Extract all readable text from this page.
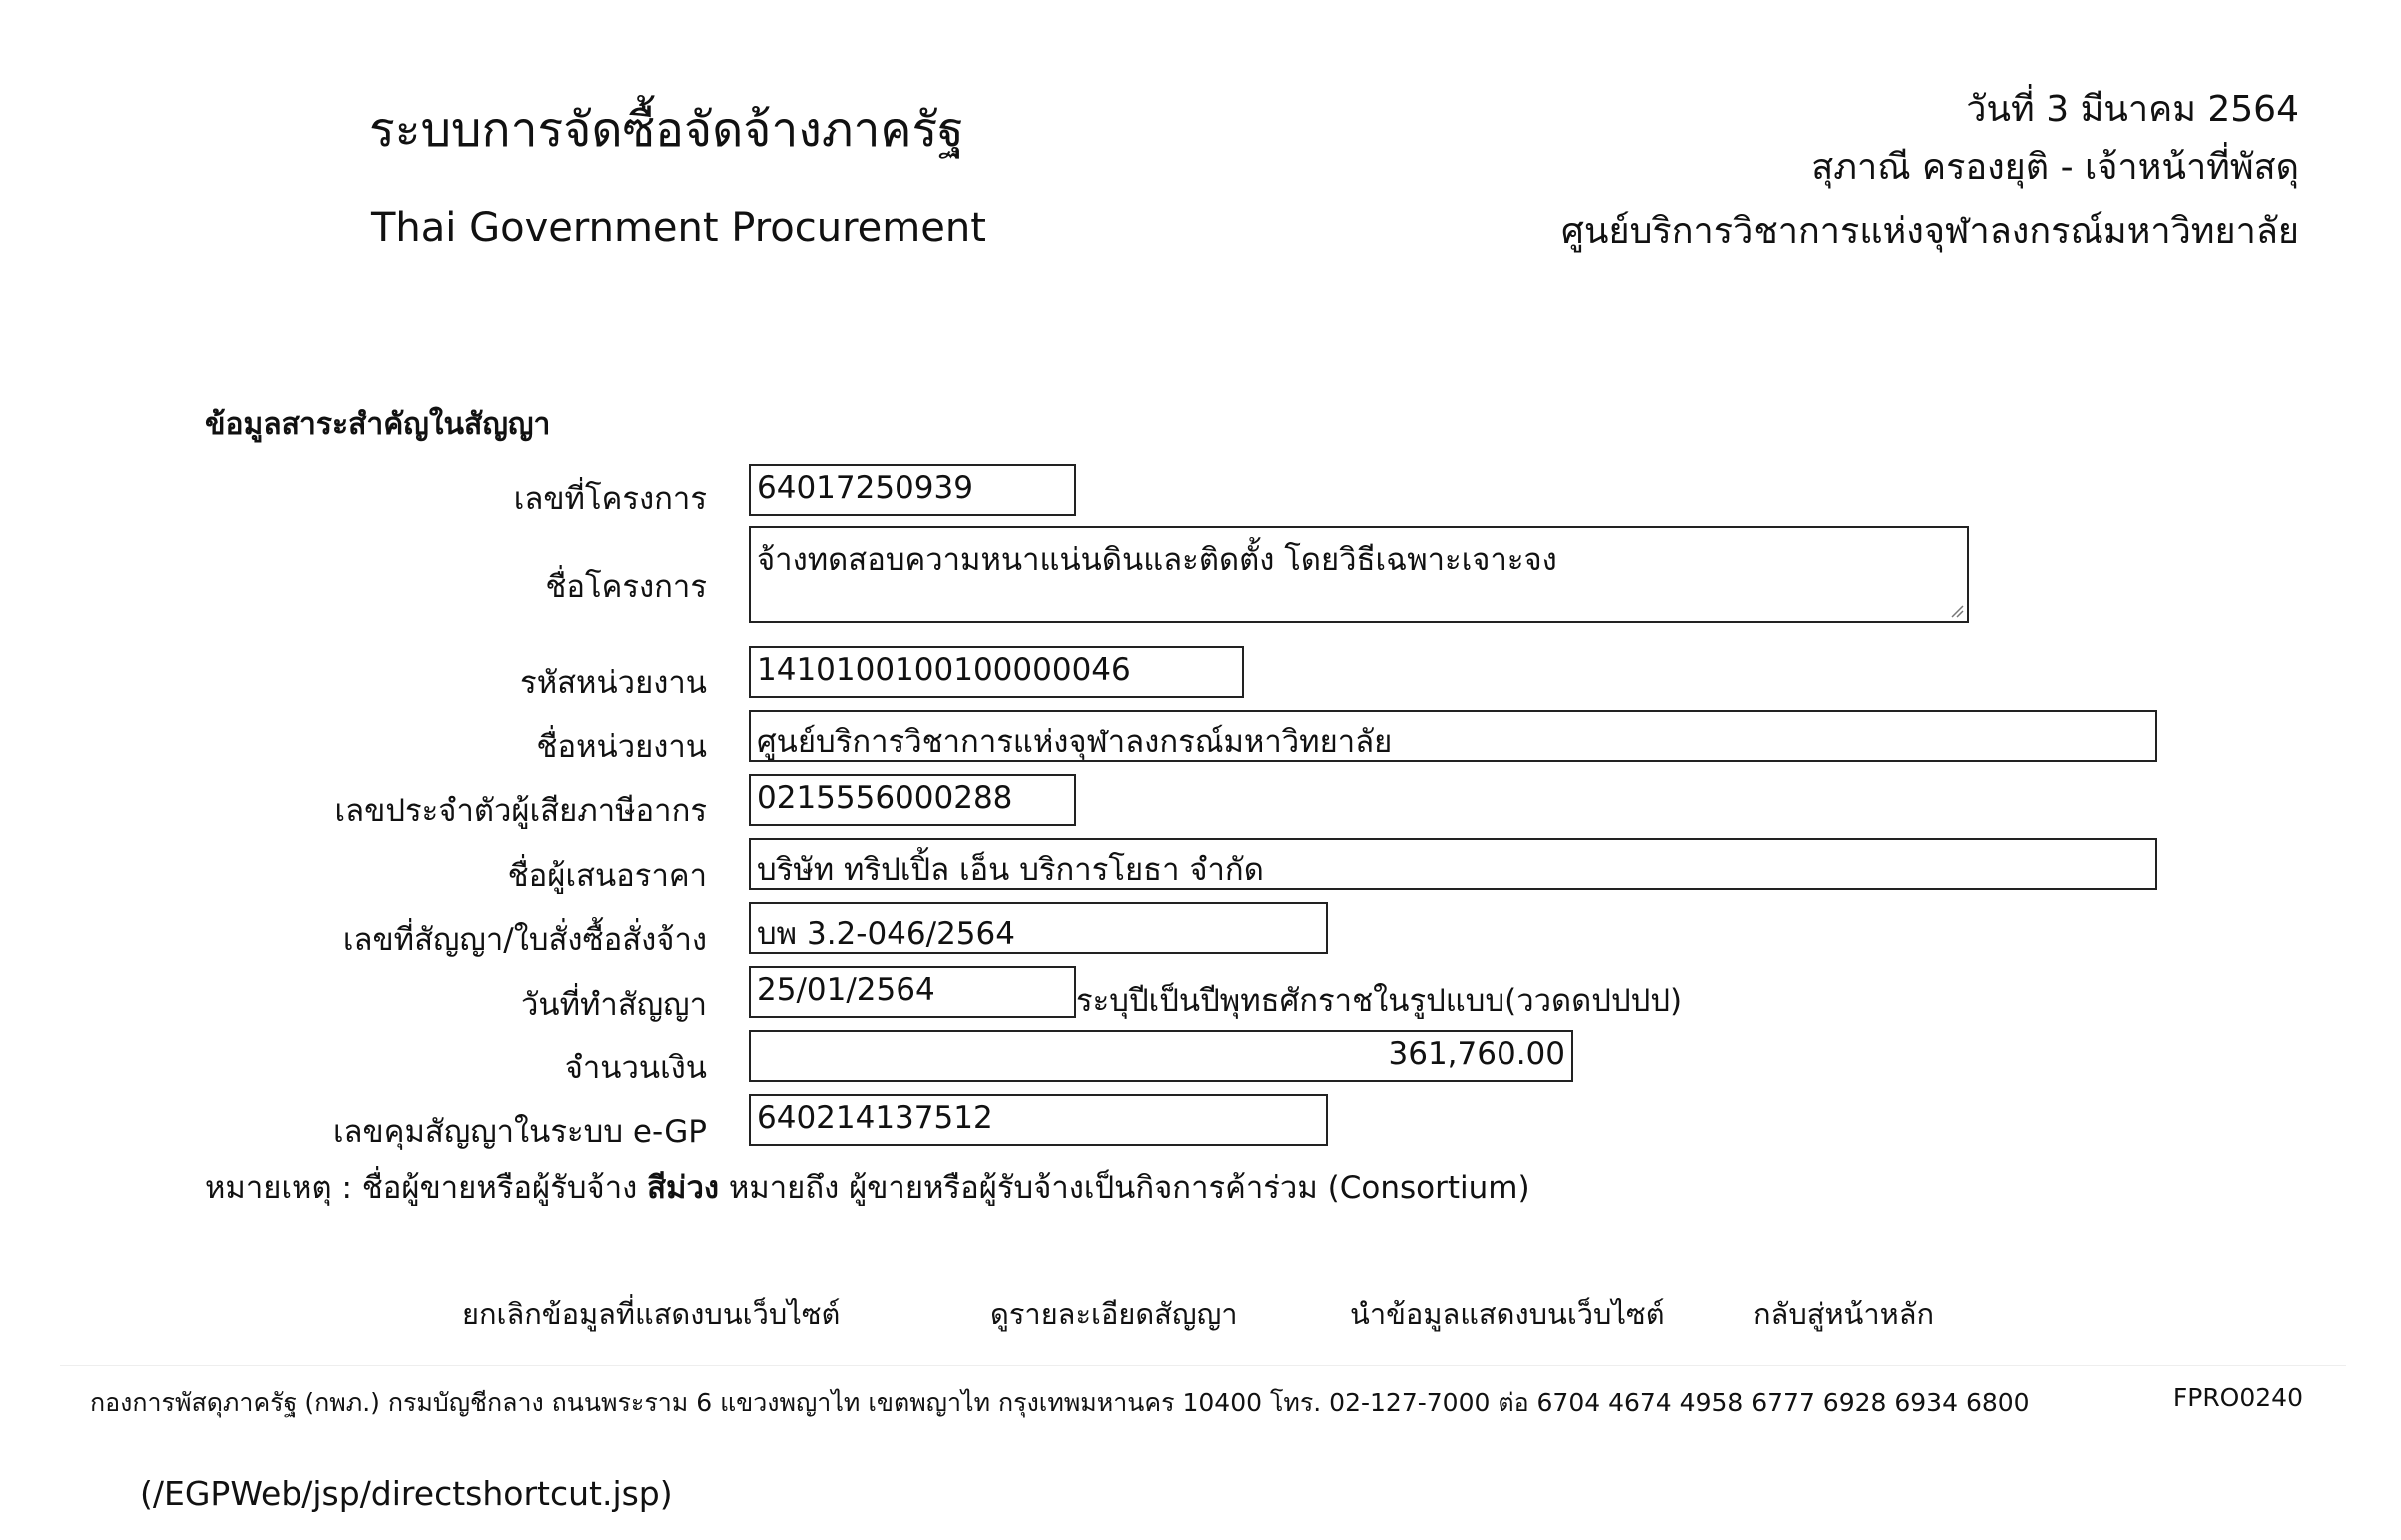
ระบบการจัดซื้อจัดจ้างภาครัฐ
Thai Government Procurement
วันที่ 3 มีนาคม 2564
สุภาณี ครองยุติ - เจ้าหน้าที่พัสดุ
ศูนย์บริการวิชาการแห่งจุฬาลงกรณ์มหาวิทยาลัย
ข้อมูลสาระสำคัญในสัญญา
เลขที่โครงการ 64017250939
ชื่อโครงการ
จ้างทดสอบความหนาแน่นดินและติดตั้ง โดยวิธีเฉพาะเจาะจง
รหัสหน่วยงาน 1410100100100000046
ชื่อหน่วยงาน ศูนย์บริการวิชาการแห่งจุฬาลงกรณ์มหาวิทยาลัย
เลขประจำตัวผู้เสียภาษีอากร 0215556000288
ชื่อผู้เสนอราคา บริษัท ทริปเปิ้ล เอ็น บริการโยธา จำกัด
เลขที่สัญญา/ใบสั่งซื้อสั่งจ้าง บพ 3.2-046/2564
วันที่ทำสัญญา 25/01/2564	ระบุปีเป็นปีพุทธศักราชในรูปแบบ(ววดดปปปป)
จำนวนเงิน	361,760.00
เลขคุมสัญญาในระบบ e-GP 640214137512
หมายเหตุ : ชื่อผู้ขายหรือผู้รับจ้าง สีม่วง หมายถึง ผู้ขายหรือผู้รับจ้างเป็นกิจการค้าร่วม (Consortium)
ยกเลิกข้อมูลที่แสดงบนเว็บไซต์	ดูรายละเอียดสัญญา	นำข้อมูลแสดงบนเว็บไซต์	กลับสู่หน้าหลัก
กองการพัสดุภาครัฐ (กพภ.) กรมบัญชีกลาง ถนนพระราม 6 แขวงพญาไท เขตพญาไท กรุงเทพมหานคร 10400 โทร. 02-127-7000 ต่อ 6704 4674 4958 6777 6928 6934 6800	FPRO0240
(/EGPWeb/jsp/directshortcut.jsp)
